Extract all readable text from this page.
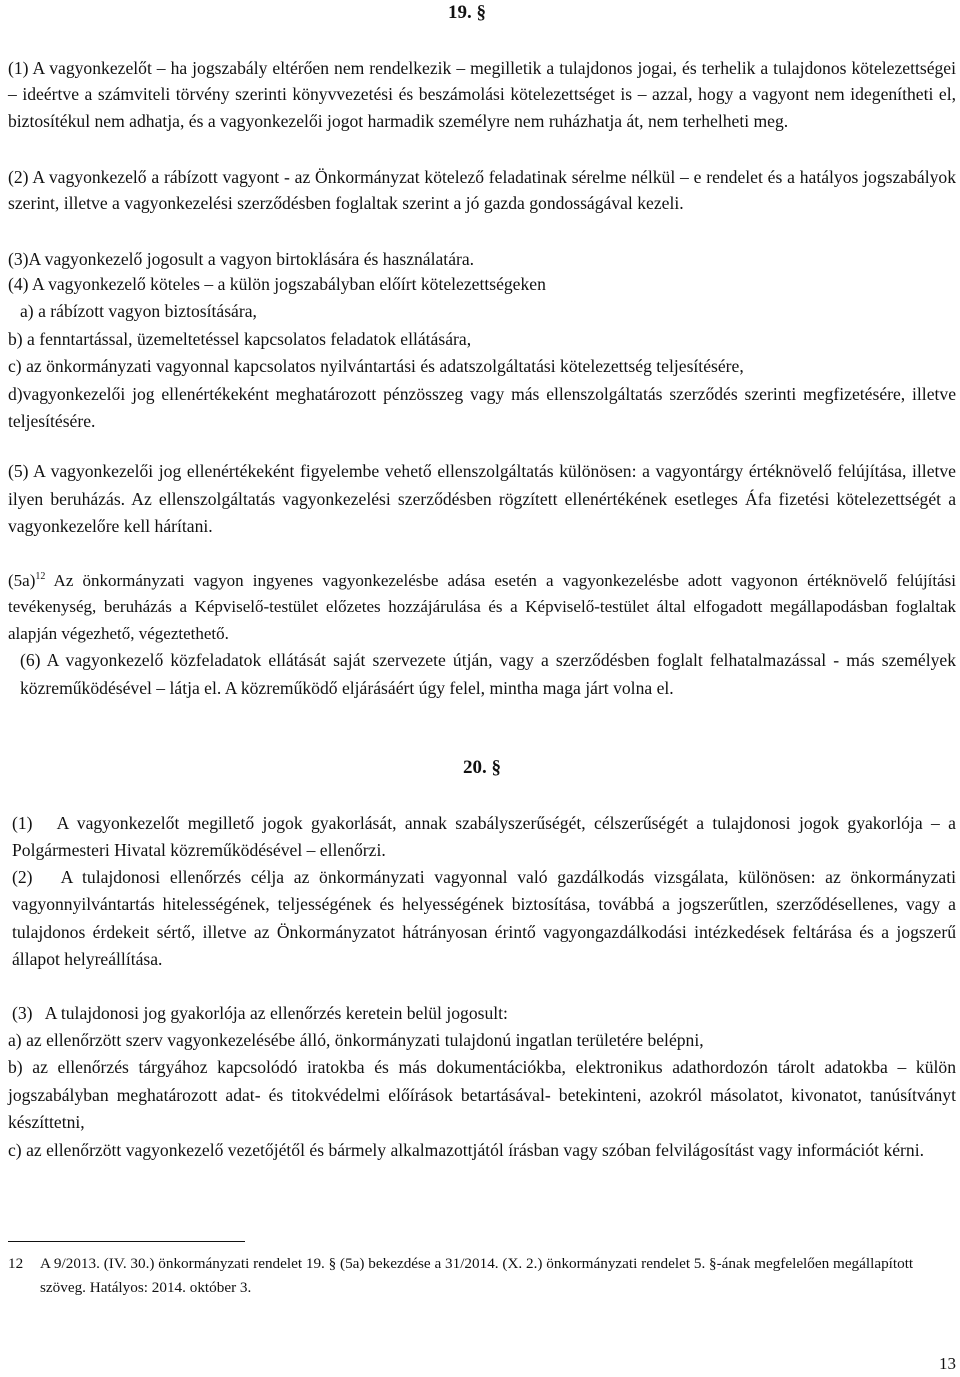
19. §
(1) A vagyonkezelőt – ha jogszabály eltérően nem rendelkezik – megilletik a tulajdonos jogai, és terhelik a tulajdonos kötelezettségei – ideértve a számviteli törvény szerinti könyvvezetési és beszámolási kötelezettséget is – azzal, hogy a vagyont nem idegenítheti el, biztosítékul nem adhatja, és a vagyonkezelői jogot harmadik személyre nem ruházhatja át, nem terhelheti meg.
(2) A vagyonkezelő a rábízott vagyont - az Önkormányzat kötelező feladatinak sérelme nélkül – e rendelet és a hatályos jogszabályok szerint, illetve a vagyonkezelési szerződésben foglaltak szerint a jó gazda gondosságával kezeli.
(3)A vagyonkezelő jogosult a vagyon birtoklására és használatára.
(4) A vagyonkezelő köteles – a külön jogszabályban előírt kötelezettségeken
a) a rábízott vagyon biztosítására,
b) a fenntartással, üzemeltetéssel kapcsolatos feladatok ellátására,
c) az önkormányzati vagyonnal kapcsolatos nyilvántartási és adatszolgáltatási kötelezettség teljesítésére,
d)vagyonkezelői jog ellenértékeként meghatározott pénzösszeg vagy más ellenszolgáltatás szerződés szerinti megfizetésére, illetve teljesítésére.
(5) A vagyonkezelői jog ellenértékeként figyelembe vehető ellenszolgáltatás különösen: a vagyontárgy értéknövelő felújítása, illetve ilyen beruházás. Az ellenszolgáltatás vagyonkezelési szerződésben rögzített ellenértékének esetleges Áfa fizetési kötelezettségét a vagyonkezelőre kell hárítani.
$(5a)^{12}$ Az önkormányzati vagyon ingyenes vagyonkezelésbe adása esetén a vagyonkezelésbe adott vagyonon értéknövelő felújítási tevékenység, beruházás a Képviselő-testület előzetes hozzájárulása és a Képviselő-testület által elfogadott megállapodásban foglaltak alapján végezhető, végeztethető.
(6) A vagyonkezelő közfeladatok ellátását saját szervezete útján, vagy a szerződésben foglalt felhatalmazással - más személyek közreműködésével – látja el. A közreműködő eljárásáért úgy felel, mintha maga járt volna el.
20. §
(1)   A vagyonkezelőt megillető jogok gyakorlását, annak szabályszerűségét, célszerűségét a tulajdonosi jogok gyakorlója – a Polgármesteri Hivatal közreműködésével – ellenőrzi.
(2)   A tulajdonosi ellenőrzés célja az önkormányzati vagyonnal való gazdálkodás vizsgálata, különösen: az önkormányzati vagyonnyilvántartás hitelességének, teljességének és helyességének biztosítása, továbbá a jogszerűtlen, szerződésellenes, vagy a tulajdonos érdekeit sértő, illetve az Önkormányzatot hátrányosan érintő vagyongazdálkodási intézkedések feltárása és a jogszerű állapot helyreállítása.
(3)   A tulajdonosi jog gyakorlója az ellenőrzés keretein belül jogosult:
a) az ellenőrzött szerv vagyonkezelésébe álló, önkormányzati tulajdonú ingatlan területére belépni,
b) az ellenőrzés tárgyához kapcsolódó iratokba és más dokumentációkba, elektronikus adathordozón tárolt adatokba – külön jogszabályban meghatározott adat- és titokvédelmi előírások betartásával- betekinteni, azokról másolatot, kivonatot, tanúsítványt készíttetni,
c) az ellenőrzött vagyonkezelő vezetőjétől és bármely alkalmazottjától írásban vagy szóban felvilágosítást vagy információt kérni.
12	A 9/2013. (IV. 30.) önkormányzati rendelet 19. § (5a) bekezdése a 31/2014. (X. 2.) önkormányzati rendelet 5. §-ának megfelelően megállapított szöveg. Hatályos: 2014. október 3.
13
